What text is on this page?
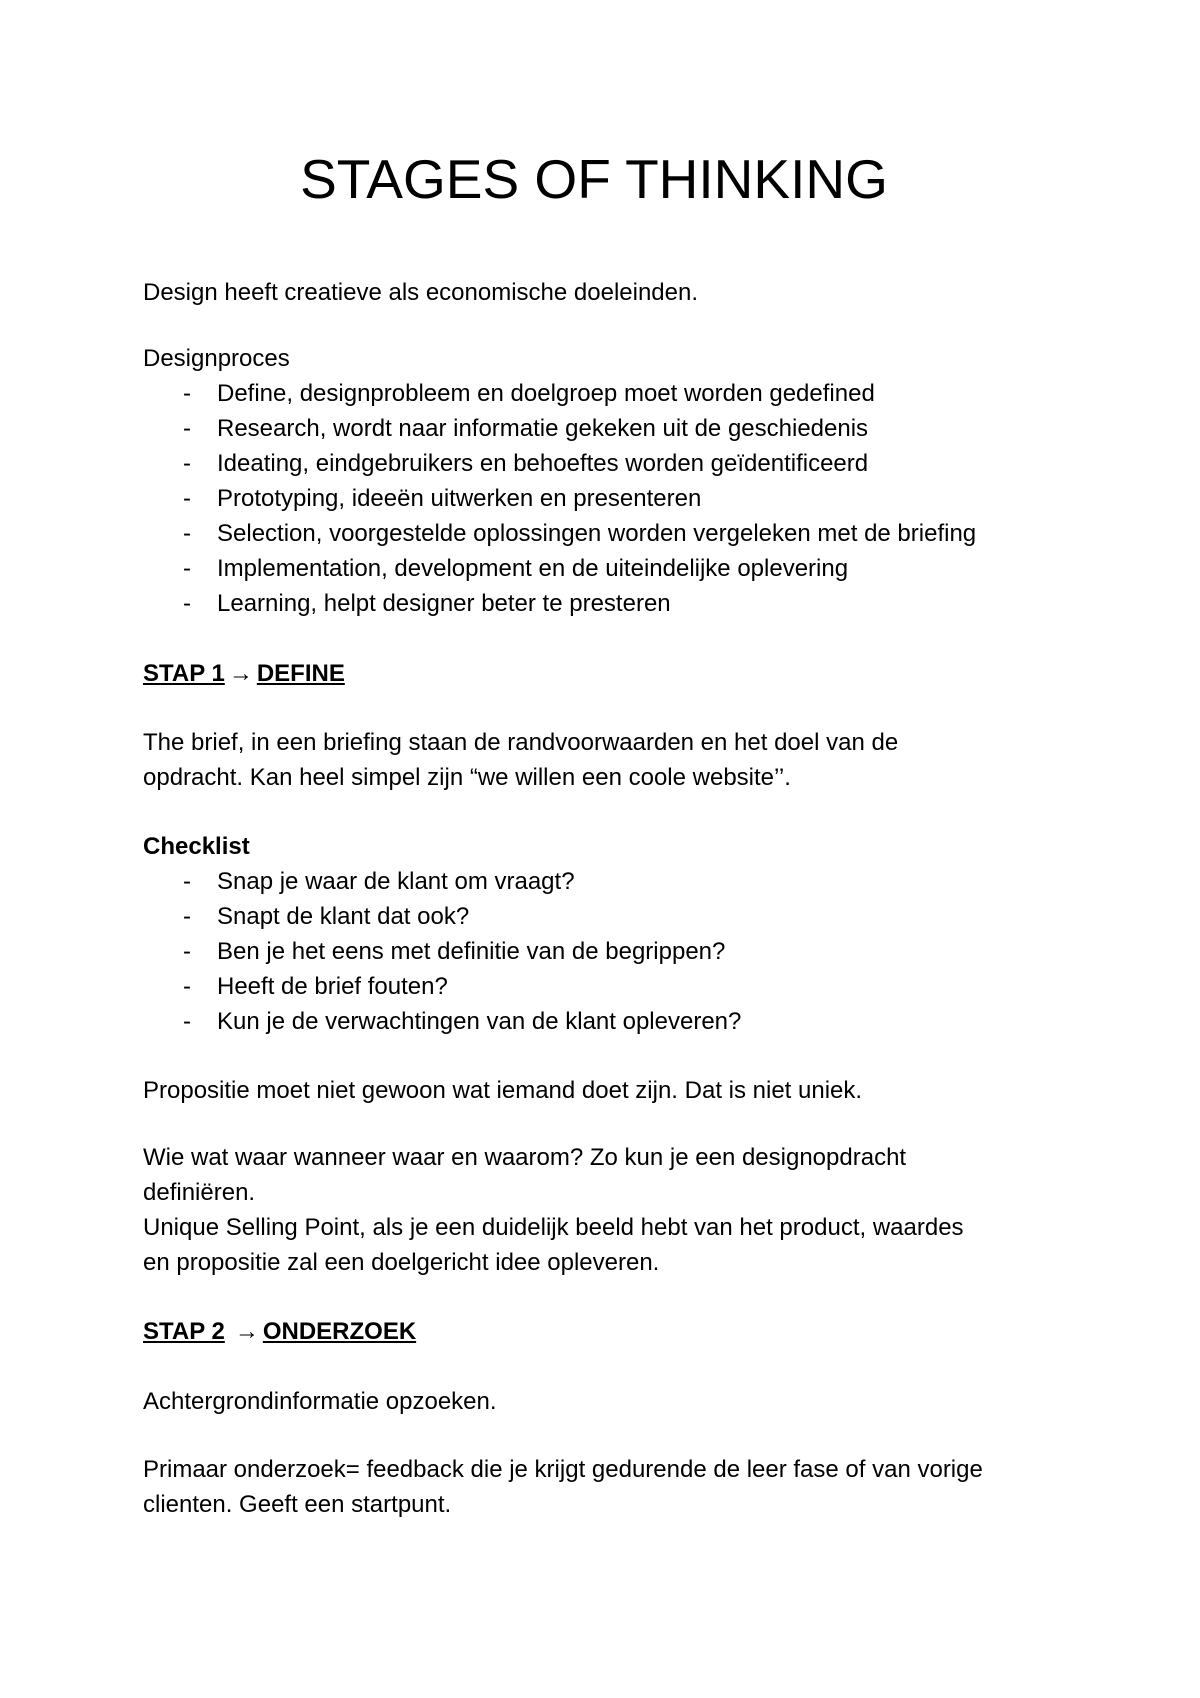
STAGES OF THINKING
Design heeft creatieve als economische doeleinden.
Designproces
- Define, designprobleem en doelgroep moet worden gedefined
- Research, wordt naar informatie gekeken uit de geschiedenis
- Ideating, eindgebruikers en behoeftes worden geïdentificeerd
- Prototyping, ideeën uitwerken en presenteren
- Selection, voorgestelde oplossingen worden vergeleken met de briefing
- Implementation, development en de uiteindelijke oplevering
- Learning, helpt designer beter te presteren
STAP 1 → DEFINE
The brief, in een briefing staan de randvoorwaarden en het doel van de
opdracht. Kan heel simpel zijn “we willen een coole website’’.
Checklist
- Snap je waar de klant om vraagt?
- Snapt de klant dat ook?
- Ben je het eens met definitie van de begrippen?
- Heeft de brief fouten?
- Kun je de verwachtingen van de klant opleveren?
Propositie moet niet gewoon wat iemand doet zijn. Dat is niet uniek.
Wie wat waar wanneer waar en waarom? Zo kun je een designopdracht
definiëren.
Unique Selling Point, als je een duidelijk beeld hebt van het product, waardes
en propositie zal een doelgericht idee opleveren.
STAP 2 → ONDERZOEK
Achtergrondinformatie opzoeken.
Primaar onderzoek= feedback die je krijgt gedurende de leer fase of van vorige
clienten. Geeft een startpunt.
